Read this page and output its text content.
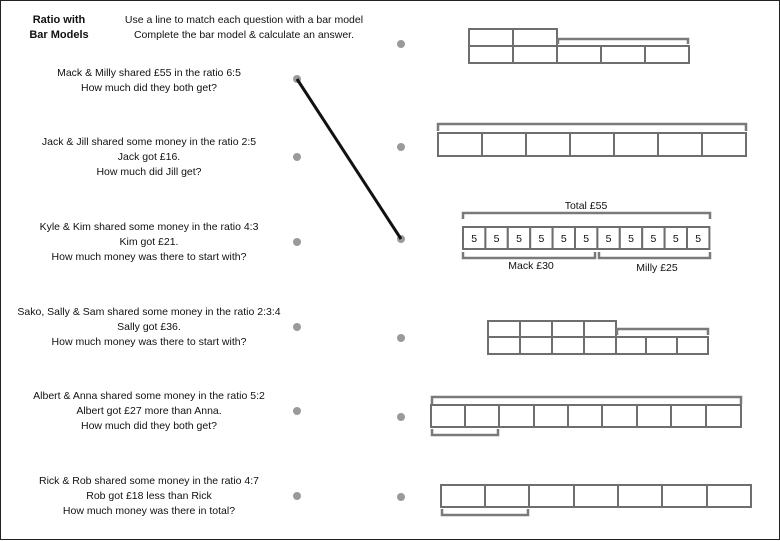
Ratio with
Bar Models
Use a line to match each question with a bar model
Complete the bar model & calculate an answer.
Mack & Milly shared £55 in the ratio 6:5
How much did they both get?
Jack & Jill shared some money in the ratio 2:5
Jack got £16.
How much did Jill get?
Kyle & Kim shared some money in the ratio 4:3
Kim got £21.
How much money was there to start with?
Sako, Sally & Sam shared some money in the ratio 2:3:4
Sally got £36.
How much money was there to start with?
Albert & Anna shared some money in the ratio 5:2
Albert got £27 more than Anna.
How much did they both get?
Rick & Rob shared some money in the ratio 4:7
Rob got £18 less than Rick
How much money was there in total?
Total £55
5 5 5 5 5 5 5 5 5 5 5
Mack £30	Milly £25
